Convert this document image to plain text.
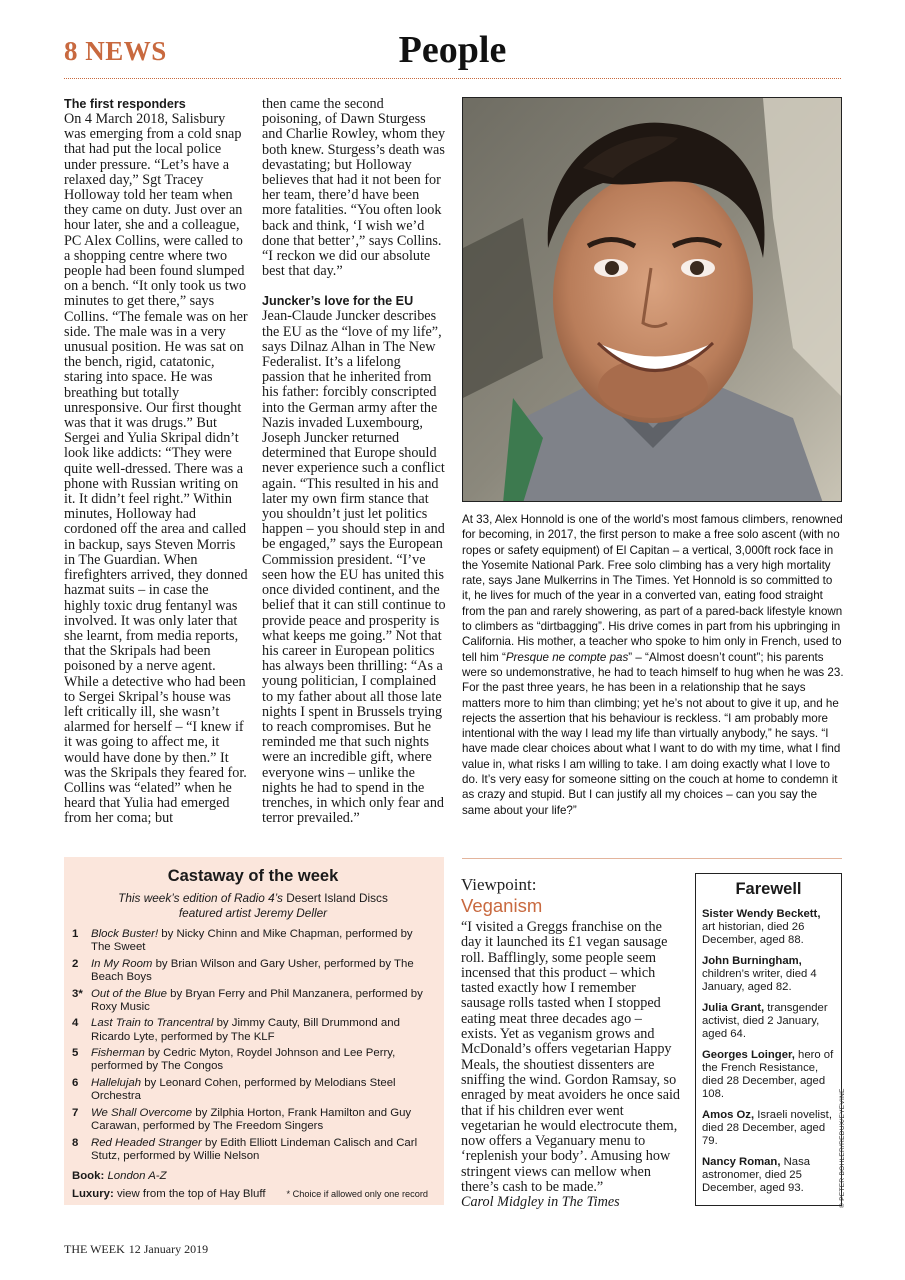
8 NEWS	People
The first responders

On 4 March 2018, Salisbury was emerging from a cold snap that had put the local police under pressure. “Let’s have a relaxed day,” Sgt Tracey Holloway told her team when they came on duty. Just over an hour later, she and a colleague, PC Alex Collins, were called to a shopping centre where two people had been found slumped on a bench. “It only took us two minutes to get there,” says Collins. “The female was on her side. The male was in a very unusual position. He was sat on the bench, rigid, catatonic, staring into space. He was breathing but totally unresponsive. Our first thought was that it was drugs.” But Sergei and Yulia Skripal didn’t look like addicts: “They were quite well-dressed. There was a phone with Russian writing on it. It didn’t feel right.” Within minutes, Holloway had cordoned off the area and called in backup, says Steven Morris in The Guardian. When firefighters arrived, they donned hazmat suits – in case the highly toxic drug fentanyl was involved. It was only later that she learnt, from media reports, that the Skripals had been poisoned by a nerve agent. While a detective who had been to Sergei Skripal’s house was left critically ill, she wasn’t alarmed for herself – “I knew if it was going to affect me, it would have done by then.” It was the Skripals they feared for. Collins was “elated” when he heard that Yulia had emerged from her coma; but

then came the second poisoning, of Dawn Sturgess and Charlie Rowley, whom they both knew. Sturgess’s death was devastating; but Holloway believes that had it not been for her team, there’d have been more fatalities. “You often look back and think, ‘I wish we’d done that better’,” says Collins. “I reckon we did our absolute best that day.”

Juncker’s love for the EU

Jean-Claude Juncker describes the EU as the “love of my life”, says Dilnaz Alhan in The New Federalist. It’s a lifelong passion that he inherited from his father: forcibly conscripted into the German army after the Nazis invaded Luxembourg, Joseph Juncker returned determined that Europe should never experience such a conflict again. “This resulted in his and later my own firm stance that you shouldn’t just let politics happen – you should step in and be engaged,” says the European Commission president. “I’ve seen how the EU has united this once divided continent, and the belief that it can still continue to provide peace and prosperity is what keeps me going.” Not that his career in European politics has always been thrilling: “As a young politician, I complained to my father about all those late nights I spent in Brussels trying to reach compromises. But he reminded me that such nights were an incredible gift, where everyone wins – unlike the nights he had to spend in the trenches, in which only fear and terror prevailed.”

At 33, Alex Honnold is one of the world’s most famous climbers, renowned for becoming, in 2017, the first person to make a free solo ascent (with no ropes or safety equipment) of El Capitan – a vertical, 3,000ft rock face in the Yosemite National Park. Free solo climbing has a very high mortality rate, says Jane Mulkerrins in The Times. Yet Honnold is so committed to it, he lives for much of the year in a converted van, eating food straight from the pan and rarely showering, as part of a pared-back lifestyle known to climbers as “dirtbagging”. His drive comes in part from his upbringing in California. His mother, a teacher who spoke to him only in French, used to tell him “Presque ne compte pas” – “Almost doesn’t count”; his parents were so undemonstrative, he had to teach himself to hug when he was 23. For the past three years, he has been in a relationship that he says matters more to him than climbing; yet he’s not about to give it up, and he rejects the assertion that his behaviour is reckless. “I am probably more intentional with the way I lead my life than virtually anybody,” he says. “I have made clear choices about what I want to do with my time, what I find value in, what risks I am willing to take. I am doing exactly what I love to do. It’s very easy for someone sitting on the couch at home to condemn it as crazy and stupid. But I can justify all my choices – can you say the same about your life?”
Castaway of the week
This week’s edition of Radio 4’s Desert Island Discs
featured artist Jeremy Deller
1	Block Buster! by Nicky Chinn and Mike Chapman, performed by The Sweet
2	In My Room by Brian Wilson and Gary Usher, performed by The Beach Boys
3* Out of the Blue by Bryan Ferry and Phil Manzanera, performed by Roxy Music
4	Last Train to Trancentral by Jimmy Cauty, Bill Drummond and Ricardo Lyte, performed by The KLF
5	Fisherman by Cedric Myton, Roydel Johnson and Lee Perry, performed by The Congos
6	Hallelujah by Leonard Cohen, performed by Melodians Steel Orchestra
7	We Shall Overcome by Zilphia Horton, Frank Hamilton and Guy Carawan, performed by The Freedom Singers
8	Red Headed Stranger by Edith Elliott Lindeman Calisch and Carl Stutz, performed by Willie Nelson
Book: London A-Z
Luxury: view from the top of Hay Bluff * Choice if allowed only one record
Viewpoint:
Veganism
“I visited a Greggs franchise on the day it launched its £1 vegan sausage roll. Bafflingly, some people seem incensed that this product – which tasted exactly how I remember sausage rolls tasted when I stopped eating meat three decades ago – exists. Yet as veganism grows and McDonald’s offers vegetarian Happy Meals, the shoutiest dissenters are sniffing the wind. Gordon Ramsay, so enraged by meat avoiders he once said that if his children ever went vegetarian he would electrocute them, now offers a Veganuary menu to ‘replenish your body’. Amusing how stringent views can mellow when there’s cash to be made.”
Carol Midgley in The Times
Farewell
Sister Wendy Beckett, art historian, died 26 December, aged 88.
John Burningham, children’s writer, died 4 January, aged 82.
Julia Grant, transgender activist, died 2 January, aged 64.
Georges Loinger, hero of the French Resistance, died 28 December, aged 108.
Amos Oz, Israeli novelist, died 28 December, aged 79.
Nancy Roman, Nasa astronomer, died 25 December, aged 93.	© PETER BOHLER/REDUX/EYEVINE
THE WEEK 12 January 2019
